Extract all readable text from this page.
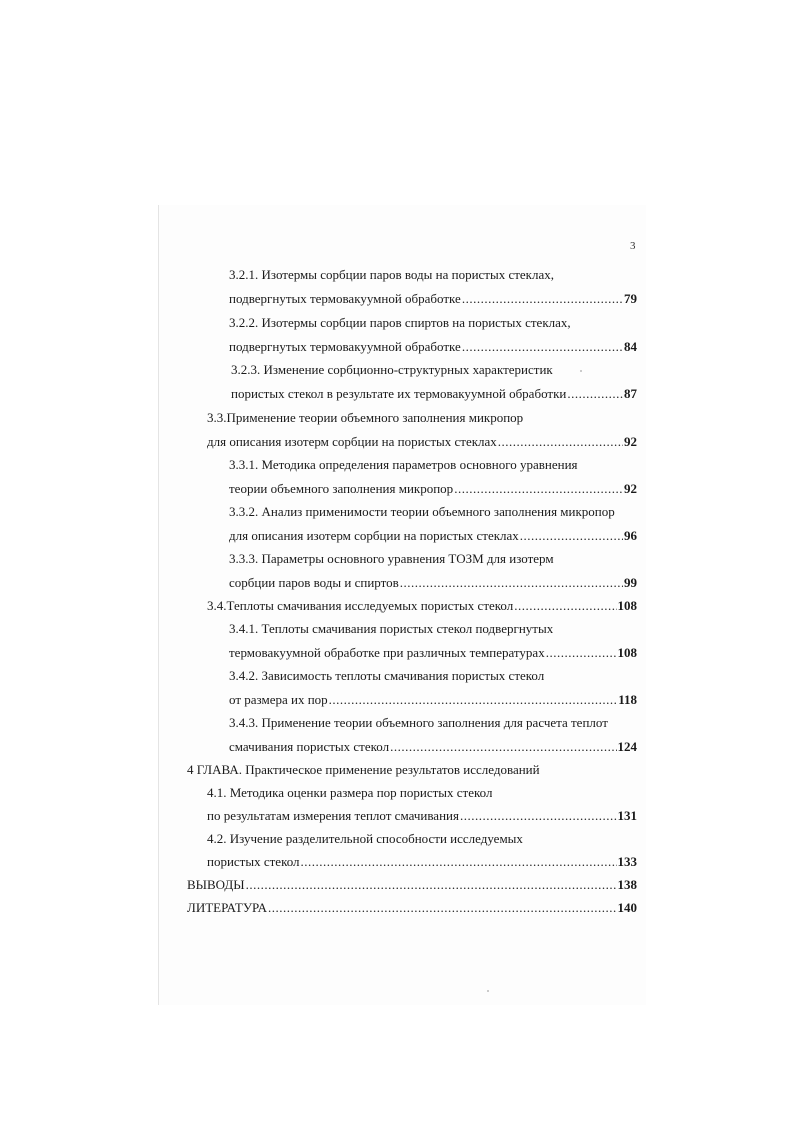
3
3.2.1. Изотермы сорбции паров воды на пористых стеклах,
подвергнутых термовакуумной обработке .....	79
3.2.2. Изотермы сорбции паров спиртов на пористых стеклах,
подвергнутых термовакуумной обработке .....	84
3.2.3. Изменение сорбционно-структурных характеристик
пористых стекол в результате их термовакуумной обработки .....	87
3.3.Применение теории объемного заполнения микропор
для описания изотерм сорбции на пористых стеклах .....	92
3.3.1. Методика определения параметров основного уравнения
теории объемного заполнения микропор .....	92
3.3.2. Анализ применимости теории объемного заполнения микропор
для описания изотерм сорбции на пористых стеклах .....	96
3.3.3. Параметры основного уравнения ТОЗМ для изотерм
сорбции паров воды и спиртов .....	99
3.4.Теплоты смачивания исследуемых пористых стекол .....	108
3.4.1. Теплоты смачивания пористых стекол подвергнутых
термовакуумной обработке при различных температурах .....	108
3.4.2. Зависимость теплоты смачивания пористых стекол
от размера их пор .....	118
3.4.3. Применение теории объемного заполнения для расчета теплот
смачивания пористых стекол .....	124
4 ГЛАВА. Практическое применение результатов исследований
4.1. Методика оценки размера пор пористых стекол
по результатам измерения теплот смачивания .....	131
4.2. Изучение разделительной способности исследуемых
пористых стекол .....	133
ВЫВОДЫ .....	138
ЛИТЕРАТУРА .....	140
